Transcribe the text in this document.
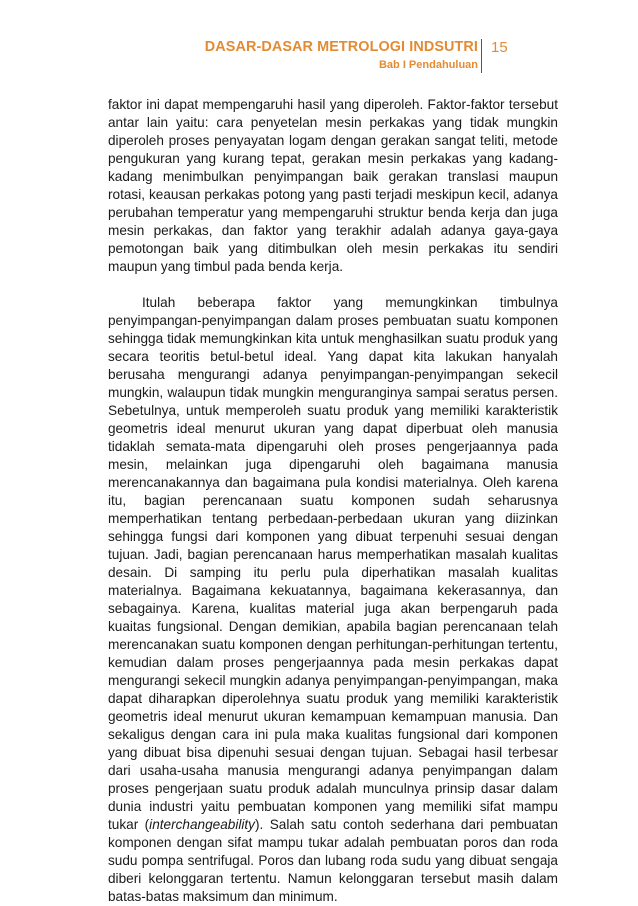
DASAR-DASAR METROLOGI INDSUTRI
Bab I Pendahuluan
15

faktor ini dapat mempengaruhi hasil yang diperoleh. Faktor-faktor tersebut antar lain yaitu: cara penyetelan mesin perkakas yang tidak mungkin diperoleh proses penyayatan logam dengan gerakan sangat teliti, metode pengukuran yang kurang tepat, gerakan mesin perkakas yang kadang-kadang menimbulkan penyimpangan baik gerakan translasi maupun rotasi, keausan perkakas potong yang pasti terjadi meskipun kecil, adanya perubahan temperatur yang mempengaruhi struktur benda kerja dan juga mesin perkakas, dan faktor yang terakhir adalah adanya gaya-gaya pemotongan baik yang ditimbulkan oleh mesin perkakas itu sendiri maupun yang timbul pada benda kerja.

Itulah beberapa faktor yang memungkinkan timbulnya penyimpangan-penyimpangan dalam proses pembuatan suatu komponen sehingga tidak memungkinkan kita untuk menghasilkan suatu produk yang secara teoritis betul-betul ideal. Yang dapat kita lakukan hanyalah berusaha mengurangi adanya penyimpangan-penyimpangan sekecil mungkin, walaupun tidak mungkin menguranginya sampai seratus persen. Sebetulnya, untuk memperoleh suatu produk yang memiliki karakteristik geometris ideal menurut ukuran yang dapat diperbuat oleh manusia tidaklah semata-mata dipengaruhi oleh proses pengerjaannya pada mesin, melainkan juga dipengaruhi oleh bagaimana manusia merencanakannya dan bagaimana pula kondisi materialnya. Oleh karena itu, bagian perencanaan suatu komponen sudah seharusnya memperhatikan tentang perbedaan-perbedaan ukuran yang diizinkan sehingga fungsi dari komponen yang dibuat terpenuhi sesuai dengan tujuan. Jadi, bagian perencanaan harus memperhatikan masalah kualitas desain. Di samping itu perlu pula diperhatikan masalah kualitas materialnya. Bagaimana kekuatannya, bagaimana kekerasannya, dan sebagainya. Karena, kualitas material juga akan berpengaruh pada kuaitas fungsional. Dengan demikian, apabila bagian perencanaan telah merencanakan suatu komponen dengan perhitungan-perhitungan tertentu, kemudian dalam proses pengerjaannya pada mesin perkakas dapat mengurangi sekecil mungkin adanya penyimpangan-penyimpangan, maka dapat diharapkan diperolehnya suatu produk yang memiliki karakteristik geometris ideal menurut ukuran kemampuan kemampuan manusia. Dan sekaligus dengan cara ini pula maka kualitas fungsional dari komponen yang dibuat bisa dipenuhi sesuai dengan tujuan. Sebagai hasil terbesar dari usaha-usaha manusia mengurangi adanya penyimpangan dalam proses pengerjaan suatu produk adalah munculnya prinsip dasar dalam dunia industri yaitu pembuatan komponen yang memiliki sifat mampu tukar (interchangeability). Salah satu contoh sederhana dari pembuatan komponen dengan sifat mampu tukar adalah pembuatan poros dan roda sudu pompa sentrifugal. Poros dan lubang roda sudu yang dibuat sengaja diberi kelonggaran tertentu. Namun kelonggaran tersebut masih dalam batas-batas maksimum dan minimum.
